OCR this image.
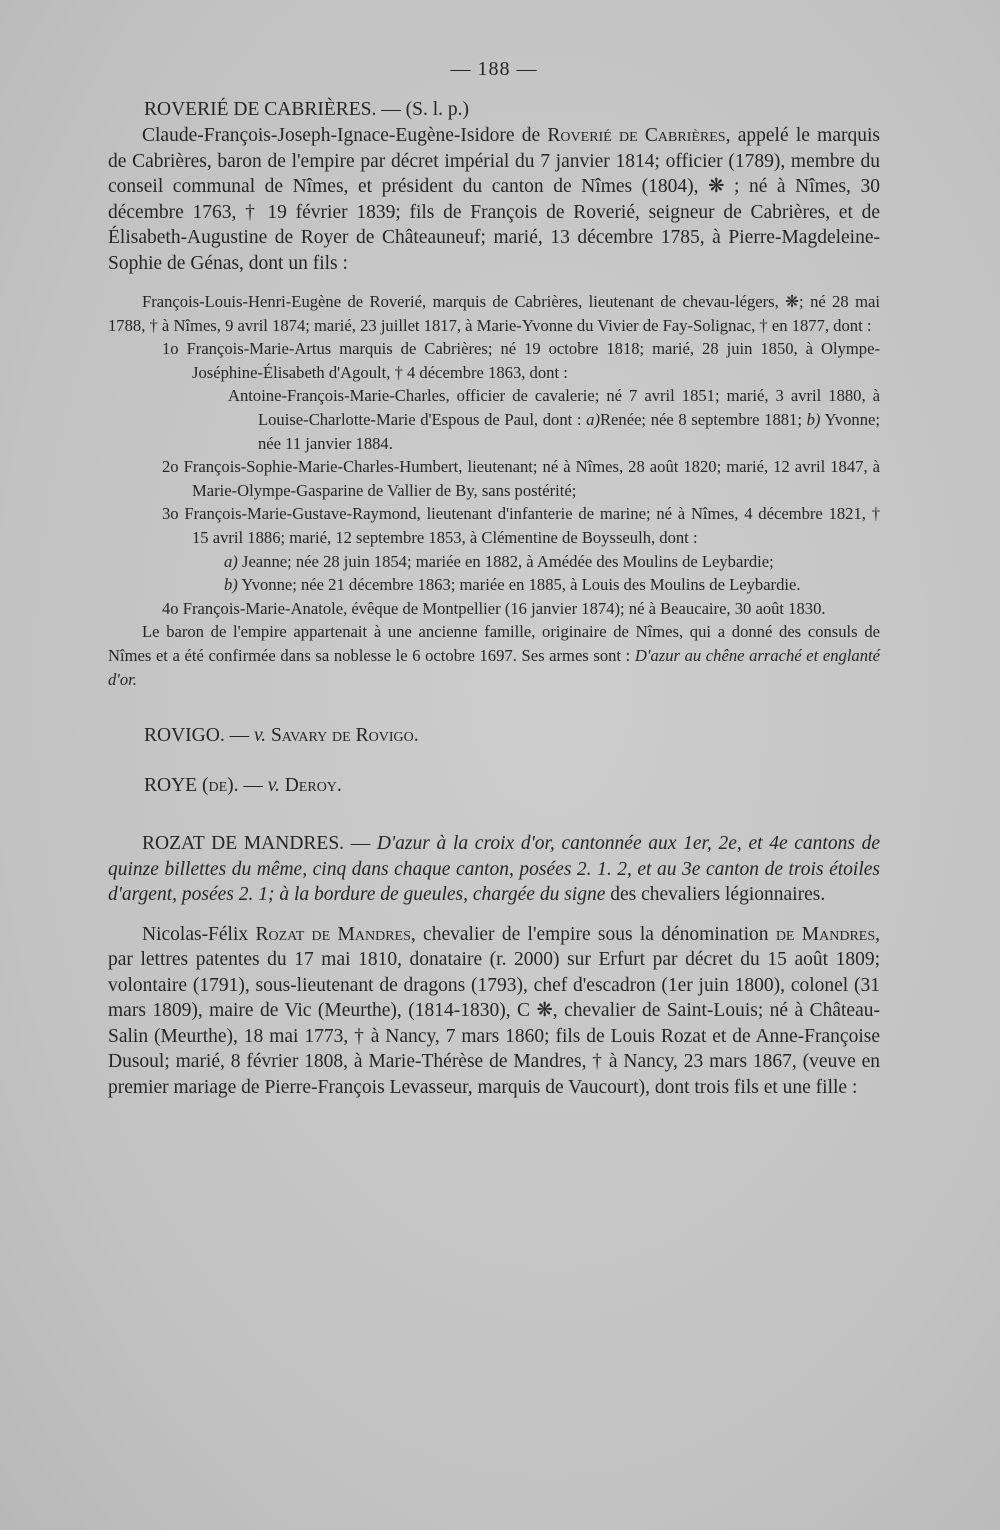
— 188 —

ROVERIÉ DE CABRIÈRES. — (S. l. p.)

Claude-François-Joseph-Ignace-Eugène-Isidore de Roverié de Cabrières, appelé le marquis de Cabrières, baron de l'empire par décret impérial du 7 janvier 1814; officier (1789), membre du conseil communal de Nîmes, et président du canton de Nîmes (1804), ❋ ; né à Nîmes, 30 décembre 1763, † 19 février 1839; fils de François de Roverié, seigneur de Cabrières, et de Élisabeth-Augustine de Royer de Châteauneuf; marié, 13 décembre 1785, à Pierre-Magdeleine-Sophie de Génas, dont un fils :

François-Louis-Henri-Eugène de Roverié, marquis de Cabrières, lieutenant de chevau-légers, ❋; né 28 mai 1788, † à Nîmes, 9 avril 1874; marié, 23 juillet 1817, à Marie-Yvonne du Vivier de Fay-Solignac, † en 1877, dont :

1o François-Marie-Artus marquis de Cabrières; né 19 octobre 1818; marié, 28 juin 1850, à Olympe-Joséphine-Élisabeth d'Agoult, † 4 décembre 1863, dont :

Antoine-François-Marie-Charles, officier de cavalerie; né 7 avril 1851; marié, 3 avril 1880, à Louise-Charlotte-Marie d'Espous de Paul, dont : a)Renée; née 8 septembre 1881; b) Yvonne; née 11 janvier 1884.

2o François-Sophie-Marie-Charles-Humbert, lieutenant; né à Nîmes, 28 août 1820; marié, 12 avril 1847, à Marie-Olympe-Gasparine de Vallier de By, sans postérité;

3o François-Marie-Gustave-Raymond, lieutenant d'infanterie de marine; né à Nîmes, 4 décembre 1821, † 15 avril 1886; marié, 12 septembre 1853, à Clémentine de Boysseulh, dont :

a) Jeanne; née 28 juin 1854; mariée en 1882, à Amédée des Moulins de Leybardie;

b) Yvonne; née 21 décembre 1863; mariée en 1885, à Louis des Moulins de Leybardie.

4o François-Marie-Anatole, évêque de Montpellier (16 janvier 1874); né à Beaucaire, 30 août 1830.

Le baron de l'empire appartenait à une ancienne famille, originaire de Nîmes, qui a donné des consuls de Nîmes et a été confirmée dans sa noblesse le 6 octobre 1697. Ses armes sont : D'azur au chêne arraché et englanté d'or.

ROVIGO. — v. Savary de Rovigo.

ROYE (de). — v. Deroy.

ROZAT DE MANDRES. — D'azur à la croix d'or, cantonnée aux 1er, 2e, et 4e cantons de quinze billettes du même, cinq dans chaque canton, posées 2. 1. 2, et au 3e canton de trois étoiles d'argent, posées 2. 1; à la bordure de gueules, chargée du signe des chevaliers légionnaires.

Nicolas-Félix Rozat de Mandres, chevalier de l'empire sous la dénomination de Mandres, par lettres patentes du 17 mai 1810, donataire (r. 2000) sur Erfurt par décret du 15 août 1809; volontaire (1791), sous-lieutenant de dragons (1793), chef d'escadron (1er juin 1800), colonel (31 mars 1809), maire de Vic (Meurthe), (1814-1830), C ❋, chevalier de Saint-Louis; né à Château-Salin (Meurthe), 18 mai 1773, † à Nancy, 7 mars 1860; fils de Louis Rozat et de Anne-Françoise Dusoul; marié, 8 février 1808, à Marie-Thérèse de Mandres, † à Nancy, 23 mars 1867, (veuve en premier mariage de Pierre-François Levasseur, marquis de Vaucourt), dont trois fils et une fille :
